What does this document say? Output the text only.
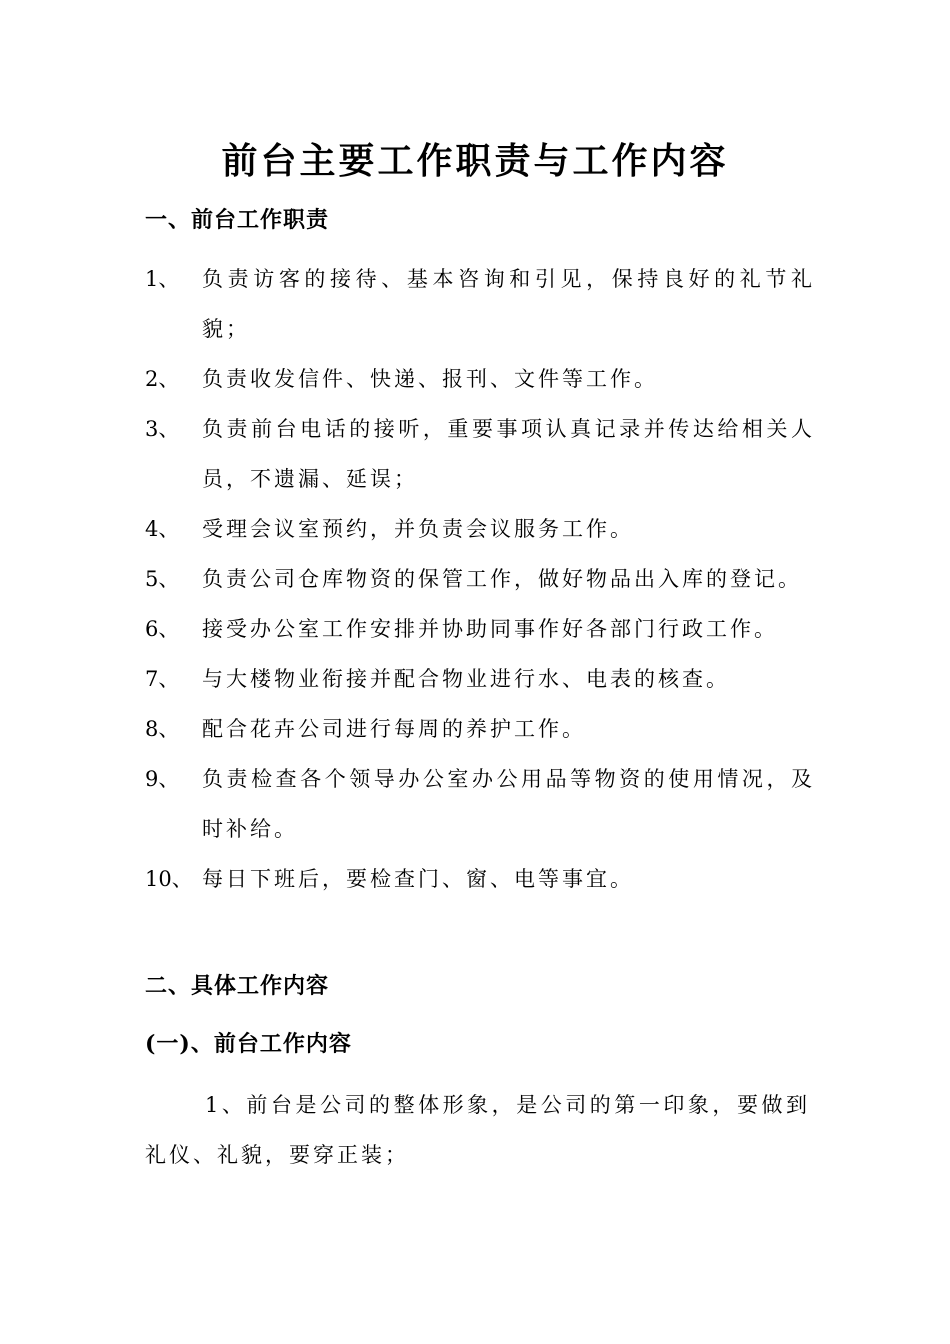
前台主要工作职责与工作内容
一、前台工作职责
1、	负责访客的接待、基本咨询和引见，保持良好的礼节礼貌；
2、	负责收发信件、快递、报刊、文件等工作。
3、	负责前台电话的接听，重要事项认真记录并传达给相关人员，不遗漏、延误；
4、	受理会议室预约，并负责会议服务工作。
5、	负责公司仓库物资的保管工作，做好物品出入库的登记。
6、	接受办公室工作安排并协助同事作好各部门行政工作。
7、	与大楼物业衔接并配合物业进行水、电表的核查。
8、	配合花卉公司进行每周的养护工作。
9、	负责检查各个领导办公室办公用品等物资的使用情况，及时补给。
10、 每日下班后，要检查门、窗、电等事宜。
二、具体工作内容
(一)、前台工作内容
1、前台是公司的整体形象，是公司的第一印象，要做到礼仪、礼貌，要穿正装；
